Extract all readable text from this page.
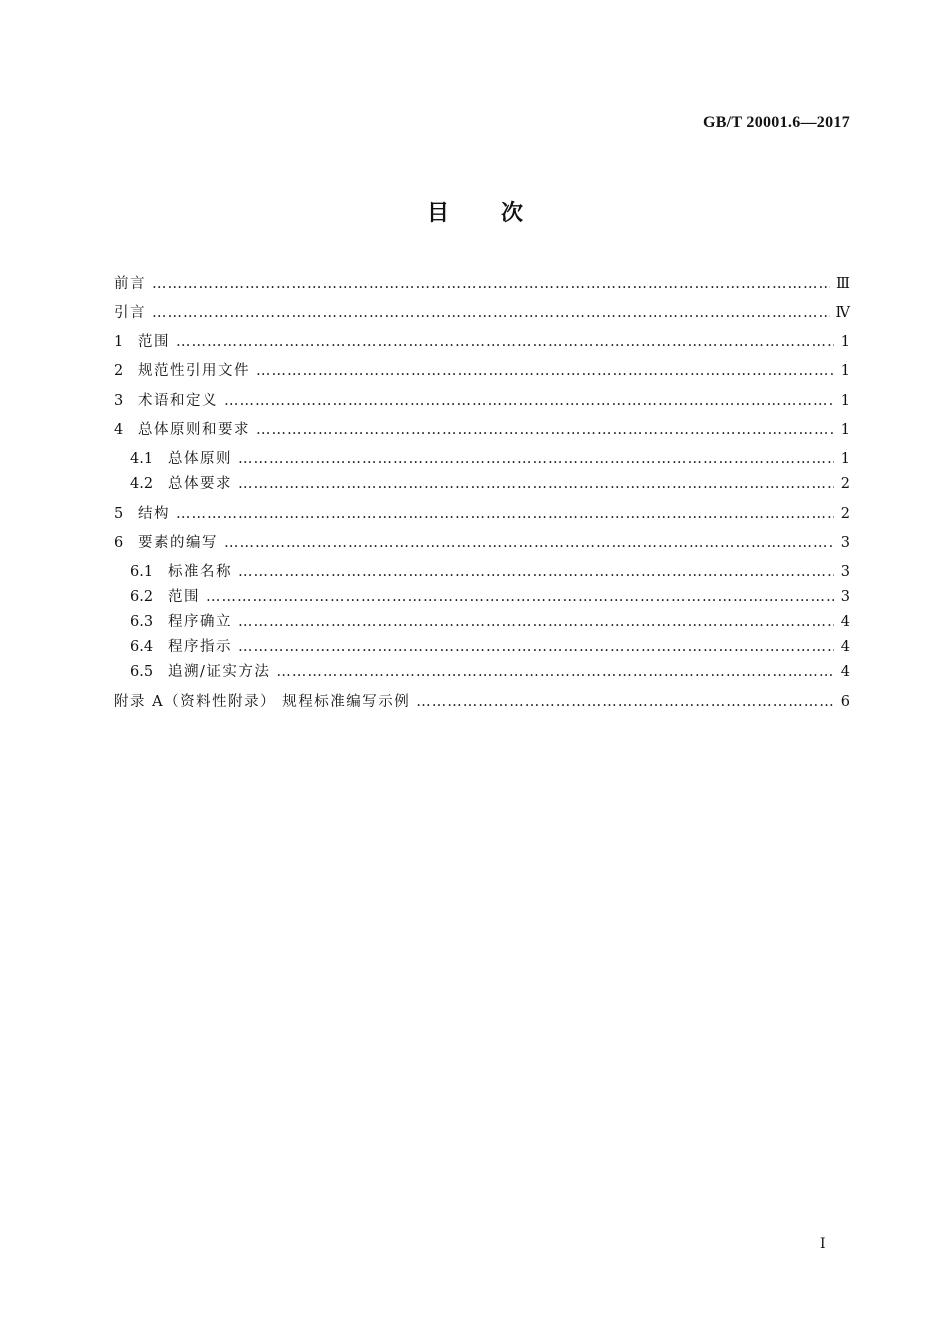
GB/T 20001.6—2017
目 次
前言 ………………………………………………………………………………………………………………………………………………………………………………………………	Ⅲ
引言 ………………………………………………………………………………………………………………………………………………………………………………………………	Ⅳ
1	范围 ………………………………………………………………………………………………………………………………………………………………………………………………	1
2	规范性引用文件 ………………………………………………………………………………………………………………………………………………………………………………………………	1
3	术语和定义 ………………………………………………………………………………………………………………………………………………………………………………………………	1
4	总体原则和要求 ………………………………………………………………………………………………………………………………………………………………………………………………	1
4.1	总体原则 ………………………………………………………………………………………………………………………………………………………………………………………………	1
4.2	总体要求 ………………………………………………………………………………………………………………………………………………………………………………………………	2
5	结构 ………………………………………………………………………………………………………………………………………………………………………………………………	2
6	要素的编写 ………………………………………………………………………………………………………………………………………………………………………………………………	3
6.1	标准名称 ………………………………………………………………………………………………………………………………………………………………………………………………	3
6.2	范围 ………………………………………………………………………………………………………………………………………………………………………………………………	3
6.3	程序确立 ………………………………………………………………………………………………………………………………………………………………………………………………	4
6.4	程序指示 ………………………………………………………………………………………………………………………………………………………………………………………………	4
6.5	追溯/证实方法 ………………………………………………………………………………………………………………………………………………………………………………………………	4
附录 A（资料性附录） 规程标准编写示例 ………………………………………………………………………………………………………………………………………………………………………………………………	6
I
